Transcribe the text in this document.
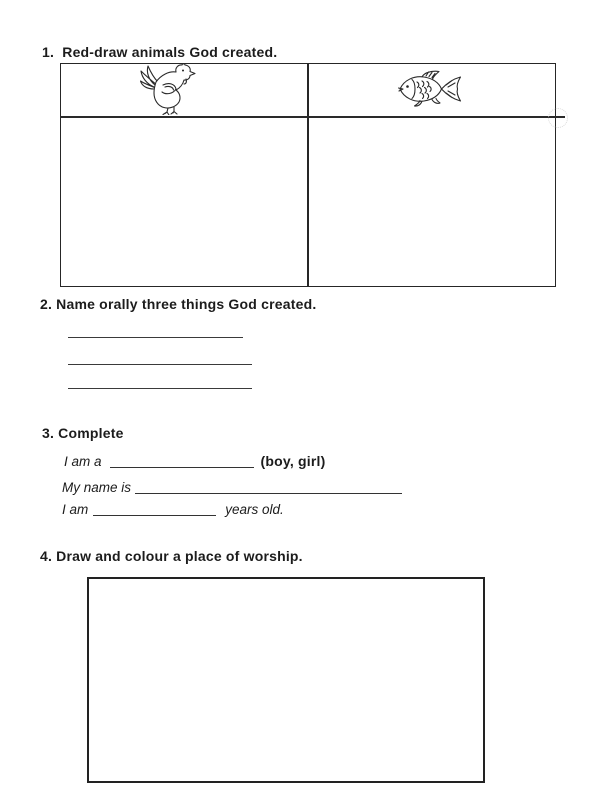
1.  Red-draw animals God created.
2. Name orally three things God created.
3. Complete
I am a	(boy, girl)
My name is
I am	years old.
4. Draw and colour a place of worship.
